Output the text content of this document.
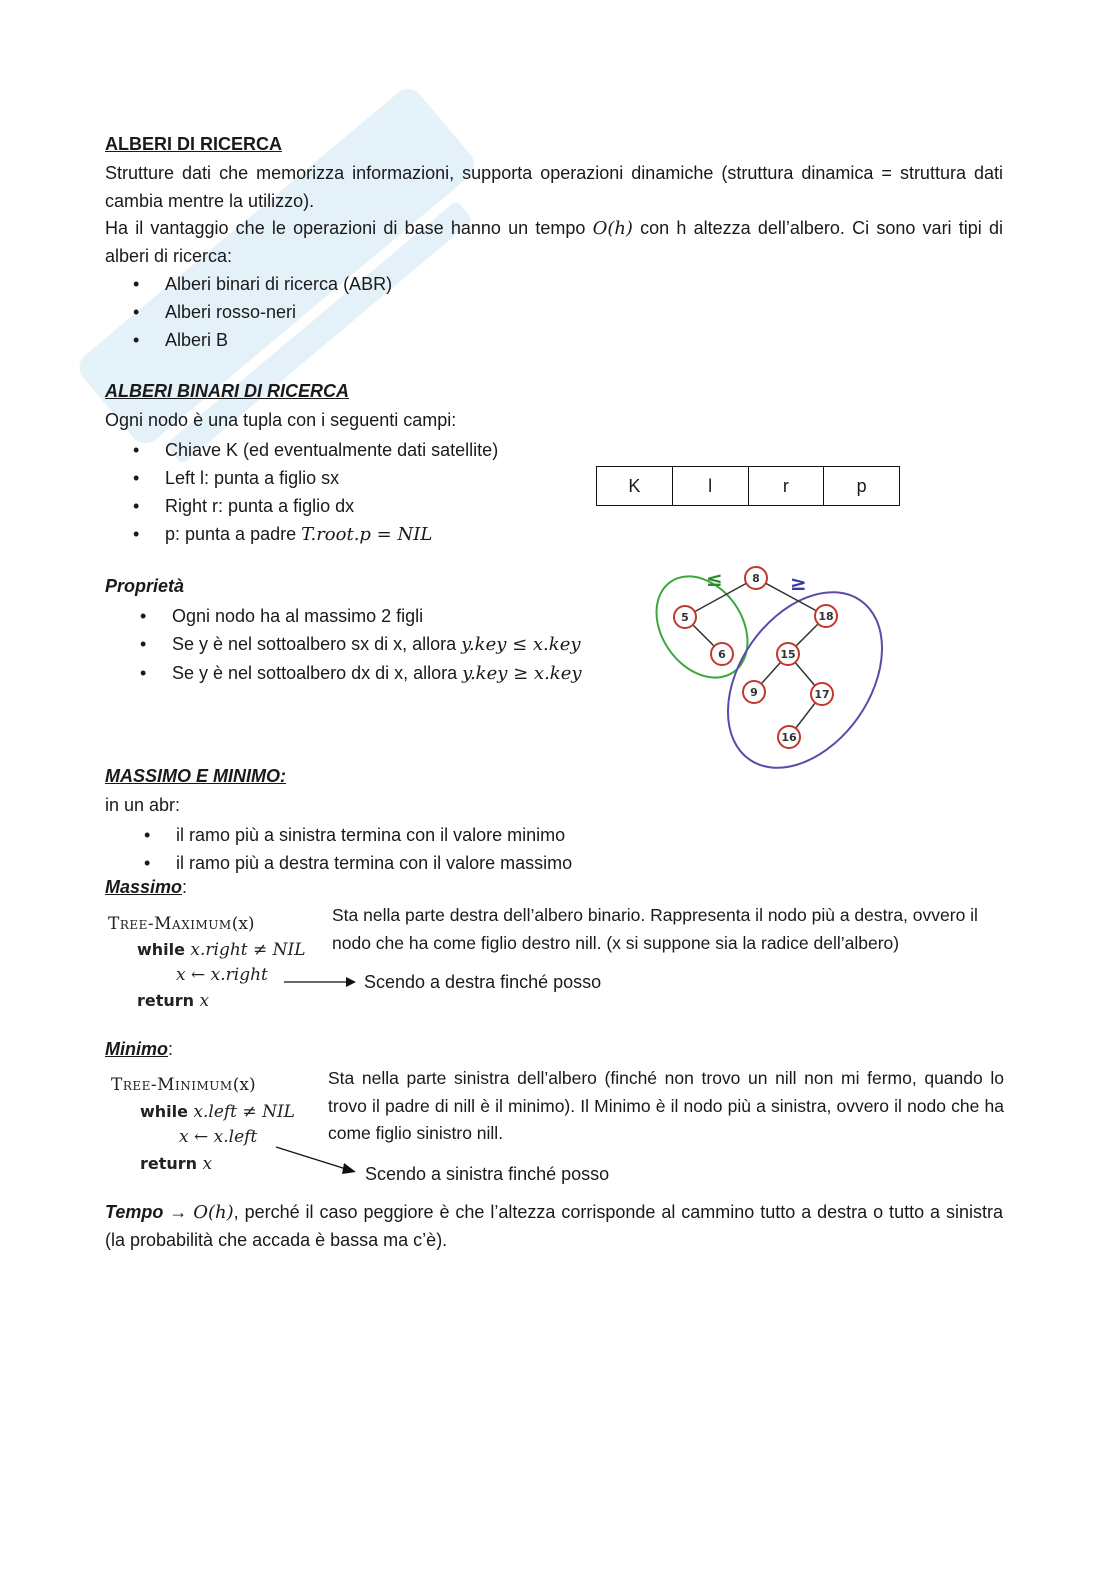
ALBERI DI RICERCA
Strutture dati che memorizza informazioni, supporta operazioni dinamiche (struttura dinamica = struttura dati cambia mentre la utilizzo).
Ha il vantaggio che le operazioni di base hanno un tempo O(h) con h altezza dell’albero. Ci sono vari tipi di alberi di ricerca:
• Alberi binari di ricerca (ABR)
• Alberi rosso-neri
• Alberi B
ALBERI BINARI DI RICERCA
Ogni nodo è una tupla con i seguenti campi:
• Chiave K (ed eventualmente dati satellite)
• Left l: punta a figlio sx
• Right r: punta a figlio dx
• p: punta a padre T.root.p = NIL
K	l	r	p
Proprietà
• Ogni nodo ha al massimo 2 figli
• Se y è nel sottoalbero sx di x, allora y.key ≤ x.key
• Se y è nel sottoalbero dx di x, allora y.key ≥ x.key
≤	≥
8
5
6
18
15
9	17
16
MASSIMO E MINIMO:
in un abr:
• il ramo più a sinistra termina con il valore minimo
• il ramo più a destra termina con il valore massimo
Massimo:
Tree-Maximum(x)
while x.right ≠ NIL
x ← x.right
return x
Sta nella parte destra dell’albero binario. Rappresenta il nodo più a destra, ovvero il nodo che ha come figlio destro nill. (x si suppone sia la radice dell’albero)
Scendo a destra finché posso
Minimo:
Tree-Minimum(x)
while x.left ≠ NIL
x ← x.left
return x
Sta nella parte sinistra dell’albero (finché non trovo un nill non mi fermo, quando lo trovo il padre di nill è il minimo). Il Minimo è il nodo più a sinistra, ovvero il nodo che ha come figlio sinistro nill.
Scendo a sinistra finché posso
Tempo → O(h), perché il caso peggiore è che l’altezza corrisponde al cammino tutto a destra o tutto a sinistra (la probabilità che accada è bassa ma c’è).
